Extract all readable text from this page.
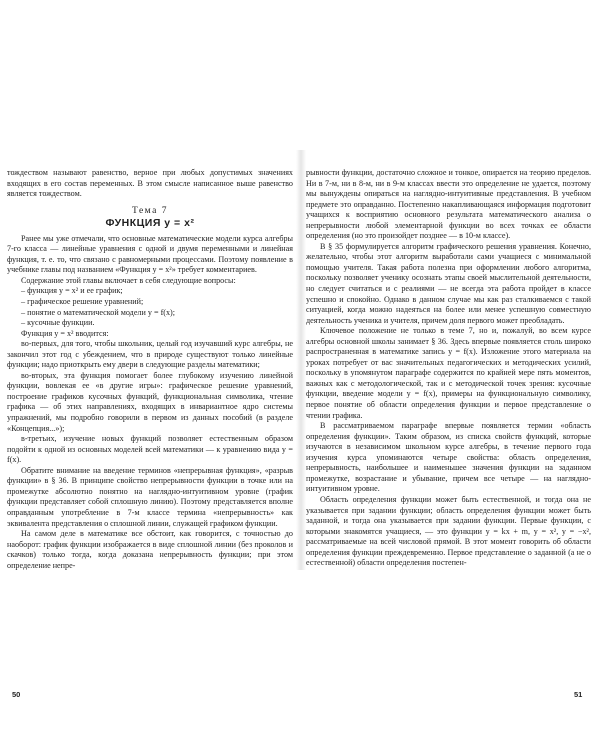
тождеством называют равенство, верное при любых допустимых значениях входящих в его состав переменных. В этом смысле написанное выше равенство является тождеством.

Тема 7
ФУНКЦИЯ y = x²

Ранее мы уже отмечали, что основные математические модели курса алгебры 7-го класса — линейные уравнения с одной и двумя переменными и линейная функция, т. е. то, что связано с равномерными процессами. Поэтому появление в учебнике главы под названием «Функция y = x²» требует комментариев.

Содержание этой главы включает в себя следующие вопросы:

– функция y = x² и ее график;

– графическое решение уравнений;

– понятие о математической модели y = f(x);

– кусочные функции.

Функция y = x² вводится:

во-первых, для того, чтобы школьник, целый год изучавший курс алгебры, не закончил этот год с убеждением, что в природе существуют только линейные функции; надо приоткрыть ему двери в следующие разделы математики;

во-вторых, эта функция помогает более глубокому изучению линейной функции, вовлекая ее «в другие игры»: графическое решение уравнений, построение графиков кусочных функций, функциональная символика, чтение графика — об этих направлениях, входящих в инвариантное ядро системы упражнений, мы подробно говорили в первом из данных пособий (в разделе «Концепция...»);

в-третьих, изучение новых функций позволяет естественным образом подойти к одной из основных моделей всей математики — к уравнению вида y = f(x).

Обратите внимание на введение терминов «непрерывная функция», «разрыв функции» в § 36. В принципе свойство непрерывности функции в точке или на промежутке абсолютно понятно на наглядно-интуитивном уровне (график функции представляет собой сплошную линию). Поэтому представляется вполне оправданным употребление в 7-м классе термина «непрерывность» как эквивалента представления о сплошной линии, служащей графиком функции.

На самом деле в математике все обстоит, как говорится, с точностью до наоборот: график функции изображается в виде сплошной линии (без проколов и скачков) только тогда, когда доказана непрерывность функции; при этом определение непре-

рывности функции, достаточно сложное и тонкое, опирается на теорию пределов. Ни в 7-м, ни в 8-м, ни в 9-м классах ввести это определение не удается, поэтому мы вынуждены опираться на наглядно-интуитивные представления. В учебном предмете это оправданно. Постепенно накапливающаяся информация подготовит учащихся к восприятию основного результата математического анализа о непрерывности любой элементарной функции во всех точках ее области определения (но это произойдет позднее — в 10-м классе).

В § 35 формулируется алгоритм графического решения уравнения. Конечно, желательно, чтобы этот алгоритм выработали сами учащиеся с минимальной помощью учителя. Такая работа полезна при оформлении любого алгоритма, поскольку позволяет ученику осознать этапы своей мыслительной деятельности, но следует считаться и с реалиями — не всегда эта работа пройдет в классе успешно и спокойно. Однако в данном случае мы как раз сталкиваемся с такой ситуацией, когда можно надеяться на более или менее успешную совместную деятельность ученика и учителя, причем доля первого может преобладать.

Ключевое положение не только в теме 7, но и, пожалуй, во всем курсе алгебры основной школы занимает § 36. Здесь впервые появляется столь широко распространенная в математике запись y = f(x). Изложение этого материала на уроках потребует от вас значительных педагогических и методических усилий, поскольку в упомянутом параграфе содержится по крайней мере пять моментов, важных как с методологической, так и с методической точек зрения: кусочные функции, введение модели y = f(x), примеры на функциональную символику, первое понятие об области определения функции и первое представление о чтении графика.

В рассматриваемом параграфе впервые появляется термин «область определения функции». Таким образом, из списка свойств функций, которые изучаются в независимом школьном курсе алгебры, в течение первого года изучения курса упоминаются четыре свойства: область определения, непрерывность, наибольшее и наименьшее значения функции на заданном промежутке, возрастание и убывание, причем все четыре — на наглядно-интуитивном уровне.

Область определения функции может быть естественной, и тогда она не указывается при задании функции; область определения функции может быть заданной, и тогда она указывается при задании функции. Первые функции, с которыми знакомятся учащиеся, — это функции y = kx + m, y = x², y = −x², рассматриваемые на всей числовой прямой. В этот момент говорить об области определения функции преждевременно. Первое представление о заданной (а не о естественной) области определения постепен-

50	51
